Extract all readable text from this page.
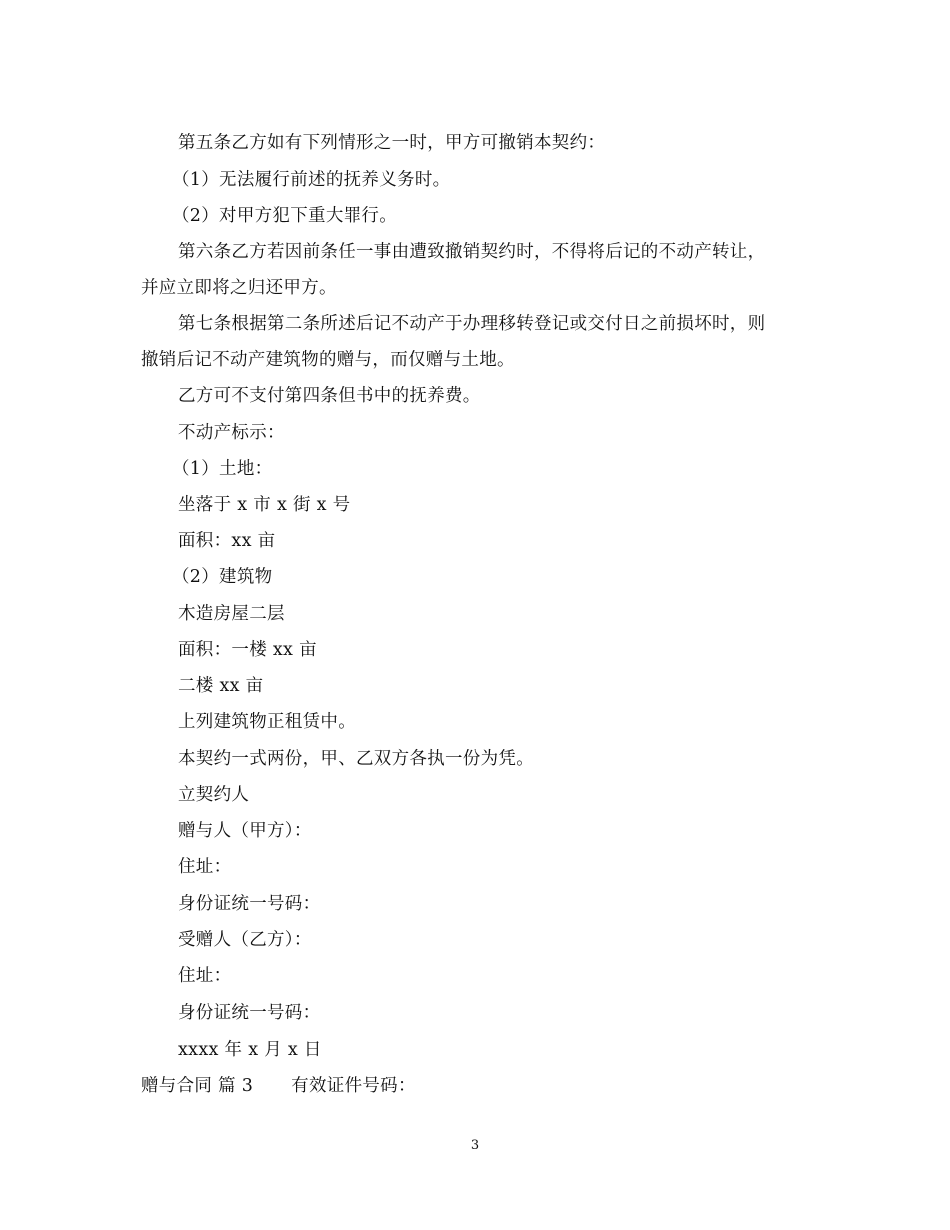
第五条乙方如有下列情形之一时，甲方可撤销本契约：
（1）无法履行前述的抚养义务时。
（2）对甲方犯下重大罪行。
第六条乙方若因前条任一事由遭致撤销契约时，不得将后记的不动产转让，
并应立即将之归还甲方。
第七条根据第二条所述后记不动产于办理移转登记或交付日之前损坏时，则
撤销后记不动产建筑物的赠与，而仅赠与土地。
乙方可不支付第四条但书中的抚养费。
不动产标示：
（1）土地：
坐落于 x 市 x 街 x 号
面积：xx 亩
（2）建筑物
木造房屋二层
面积：一楼 xx 亩
二楼 xx 亩
上列建筑物正租赁中。
本契约一式两份，甲、乙双方各执一份为凭。
立契约人
赠与人（甲方）：
住址：
身份证统一号码：
受赠人（乙方）：
住址：
身份证统一号码：
xxxx 年 x 月 x 日
赠与合同 篇 3 有效证件号码：
3
